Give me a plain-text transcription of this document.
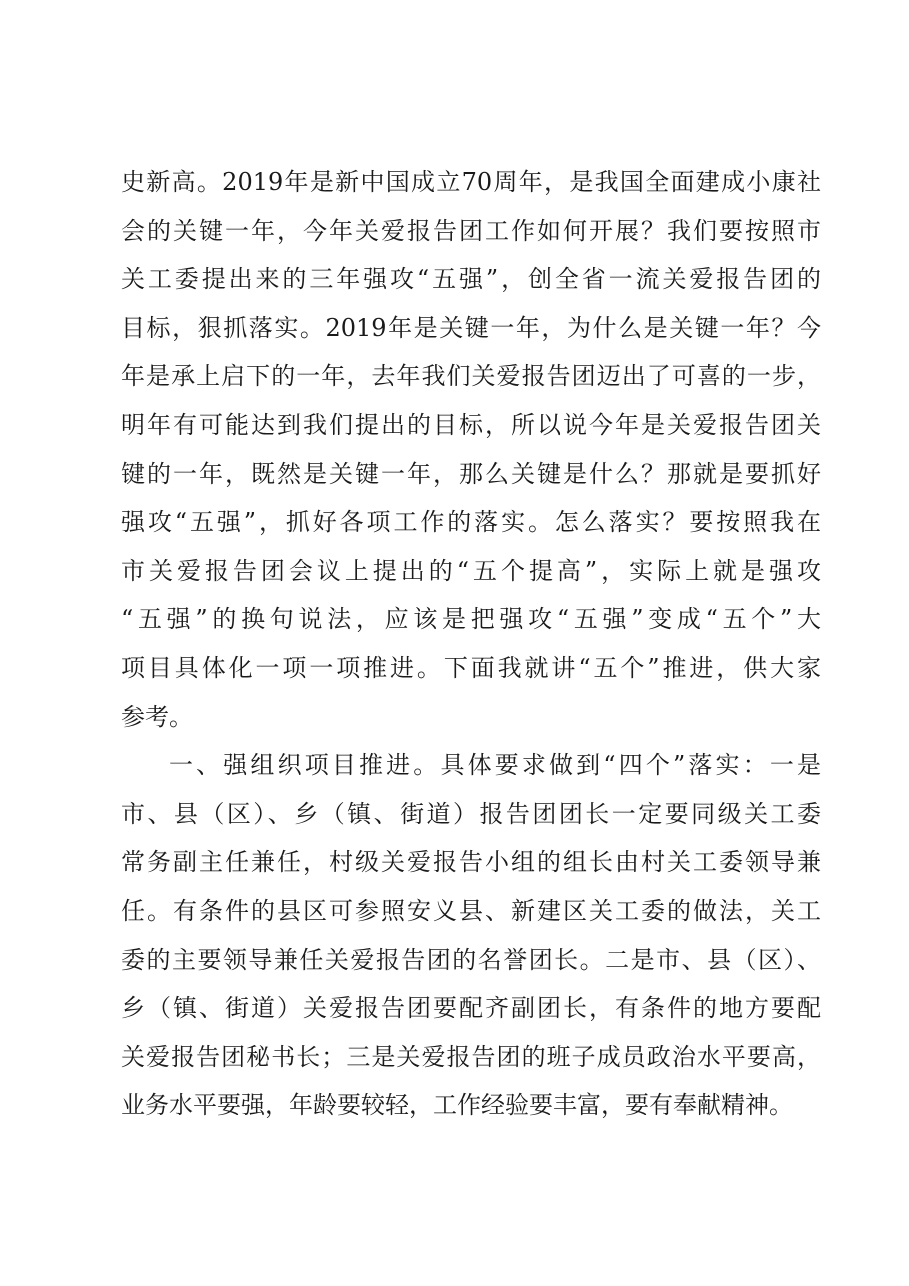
史新高。2019年是新中国成立70周年，是我国全面建成小康社
会的关键一年，今年关爱报告团工作如何开展？我们要按照市
关工委提出来的三年强攻“五强”，创全省一流关爱报告团的
目标，狠抓落实。2019年是关键一年，为什么是关键一年？今
年是承上启下的一年，去年我们关爱报告团迈出了可喜的一步，
明年有可能达到我们提出的目标，所以说今年是关爱报告团关
键的一年，既然是关键一年，那么关键是什么？那就是要抓好
强攻“五强”，抓好各项工作的落实。怎么落实？要按照我在
市关爱报告团会议上提出的“五个提高”，实际上就是强攻
“五强”的换句说法，应该是把强攻“五强”变成“五个”大
项目具体化一项一项推进。下面我就讲“五个”推进，供大家
参考。
一、强组织项目推进。具体要求做到“四个”落实：一是
市、县（区）、乡（镇、街道）报告团团长一定要同级关工委
常务副主任兼任，村级关爱报告小组的组长由村关工委领导兼
任。有条件的县区可参照安义县、新建区关工委的做法，关工
委的主要领导兼任关爱报告团的名誉团长。二是市、县（区）、
乡（镇、街道）关爱报告团要配齐副团长，有条件的地方要配
关爱报告团秘书长；三是关爱报告团的班子成员政治水平要高，
业务水平要强，年龄要较轻，工作经验要丰富，要有奉献精神。
